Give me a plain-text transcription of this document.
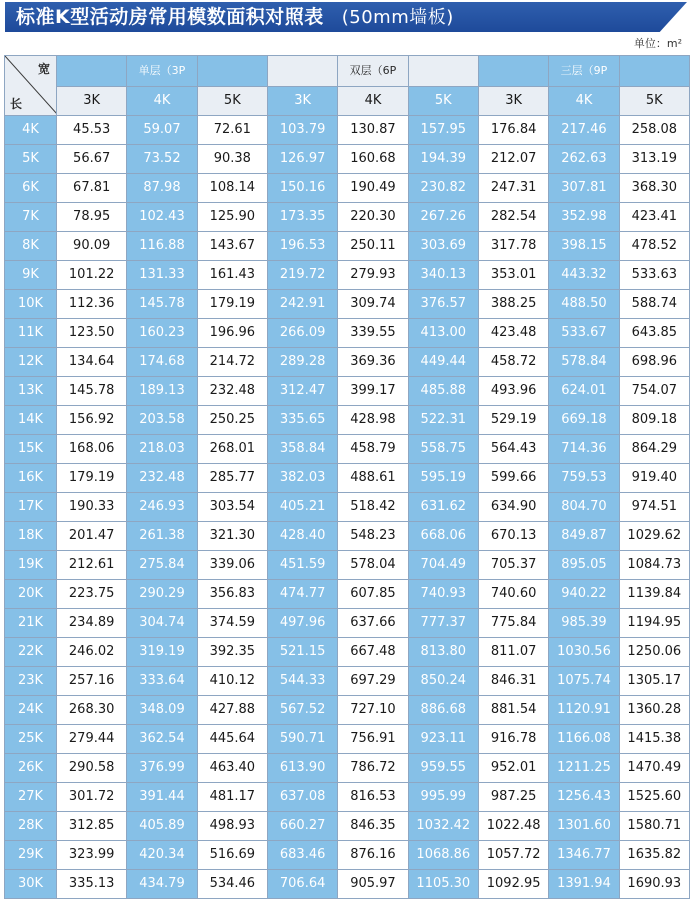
标准K型活动房常用模数面积对照表 (50mm墙板)
单位：m²
宽
长		单层（3P			双层（6P			三层（9P	
	3K	4K	5K	3K	4K	5K	3K	4K	5K
4K	45.53	59.07	72.61	103.79	130.87	157.95	176.84	217.46	258.08
5K	56.67	73.52	90.38	126.97	160.68	194.39	212.07	262.63	313.19
6K	67.81	87.98	108.14	150.16	190.49	230.82	247.31	307.81	368.30
7K	78.95	102.43	125.90	173.35	220.30	267.26	282.54	352.98	423.41
8K	90.09	116.88	143.67	196.53	250.11	303.69	317.78	398.15	478.52
9K	101.22	131.33	161.43	219.72	279.93	340.13	353.01	443.32	533.63
10K	112.36	145.78	179.19	242.91	309.74	376.57	388.25	488.50	588.74
11K	123.50	160.23	196.96	266.09	339.55	413.00	423.48	533.67	643.85
12K	134.64	174.68	214.72	289.28	369.36	449.44	458.72	578.84	698.96
13K	145.78	189.13	232.48	312.47	399.17	485.88	493.96	624.01	754.07
14K	156.92	203.58	250.25	335.65	428.98	522.31	529.19	669.18	809.18
15K	168.06	218.03	268.01	358.84	458.79	558.75	564.43	714.36	864.29
16K	179.19	232.48	285.77	382.03	488.61	595.19	599.66	759.53	919.40
17K	190.33	246.93	303.54	405.21	518.42	631.62	634.90	804.70	974.51
18K	201.47	261.38	321.30	428.40	548.23	668.06	670.13	849.87	1029.62
19K	212.61	275.84	339.06	451.59	578.04	704.49	705.37	895.05	1084.73
20K	223.75	290.29	356.83	474.77	607.85	740.93	740.60	940.22	1139.84
21K	234.89	304.74	374.59	497.96	637.66	777.37	775.84	985.39	1194.95
22K	246.02	319.19	392.35	521.15	667.48	813.80	811.07	1030.56	1250.06
23K	257.16	333.64	410.12	544.33	697.29	850.24	846.31	1075.74	1305.17
24K	268.30	348.09	427.88	567.52	727.10	886.68	881.54	1120.91	1360.28
25K	279.44	362.54	445.64	590.71	756.91	923.11	916.78	1166.08	1415.38
26K	290.58	376.99	463.40	613.90	786.72	959.55	952.01	1211.25	1470.49
27K	301.72	391.44	481.17	637.08	816.53	995.99	987.25	1256.43	1525.60
28K	312.85	405.89	498.93	660.27	846.35	1032.42	1022.48	1301.60	1580.71
29K	323.99	420.34	516.69	683.46	876.16	1068.86	1057.72	1346.77	1635.82
30K	335.13	434.79	534.46	706.64	905.97	1105.30	1092.95	1391.94	1690.93
